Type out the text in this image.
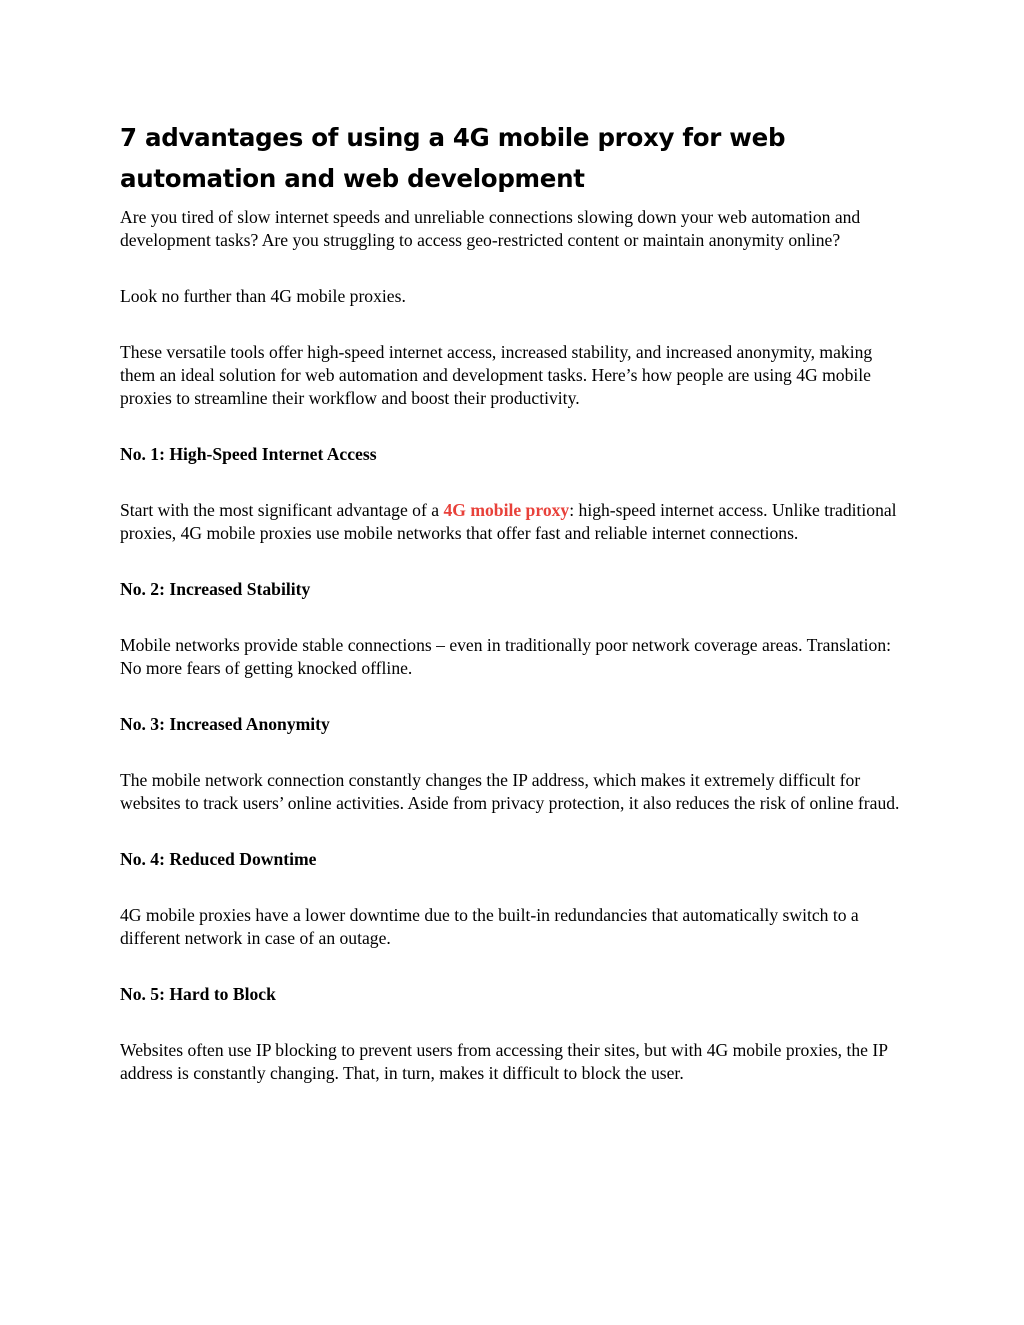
7 advantages of using a 4G mobile proxy for web automation and web development

Are you tired of slow internet speeds and unreliable connections slowing down your web automation and development tasks? Are you struggling to access geo-restricted content or maintain anonymity online?

Look no further than 4G mobile proxies.

These versatile tools offer high-speed internet access, increased stability, and increased anonymity, making them an ideal solution for web automation and development tasks. Here’s how people are using 4G mobile proxies to streamline their workflow and boost their productivity.

No. 1: High-Speed Internet Access

Start with the most significant advantage of a 4G mobile proxy: high-speed internet access. Unlike traditional proxies, 4G mobile proxies use mobile networks that offer fast and reliable internet connections.

No. 2: Increased Stability

Mobile networks provide stable connections – even in traditionally poor network coverage areas. Translation: No more fears of getting knocked offline.

No. 3: Increased Anonymity

The mobile network connection constantly changes the IP address, which makes it extremely difficult for websites to track users’ online activities. Aside from privacy protection, it also reduces the risk of online fraud.

No. 4: Reduced Downtime

4G mobile proxies have a lower downtime due to the built-in redundancies that automatically switch to a different network in case of an outage.

No. 5: Hard to Block

Websites often use IP blocking to prevent users from accessing their sites, but with 4G mobile proxies, the IP address is constantly changing. That, in turn, makes it difficult to block the user.
